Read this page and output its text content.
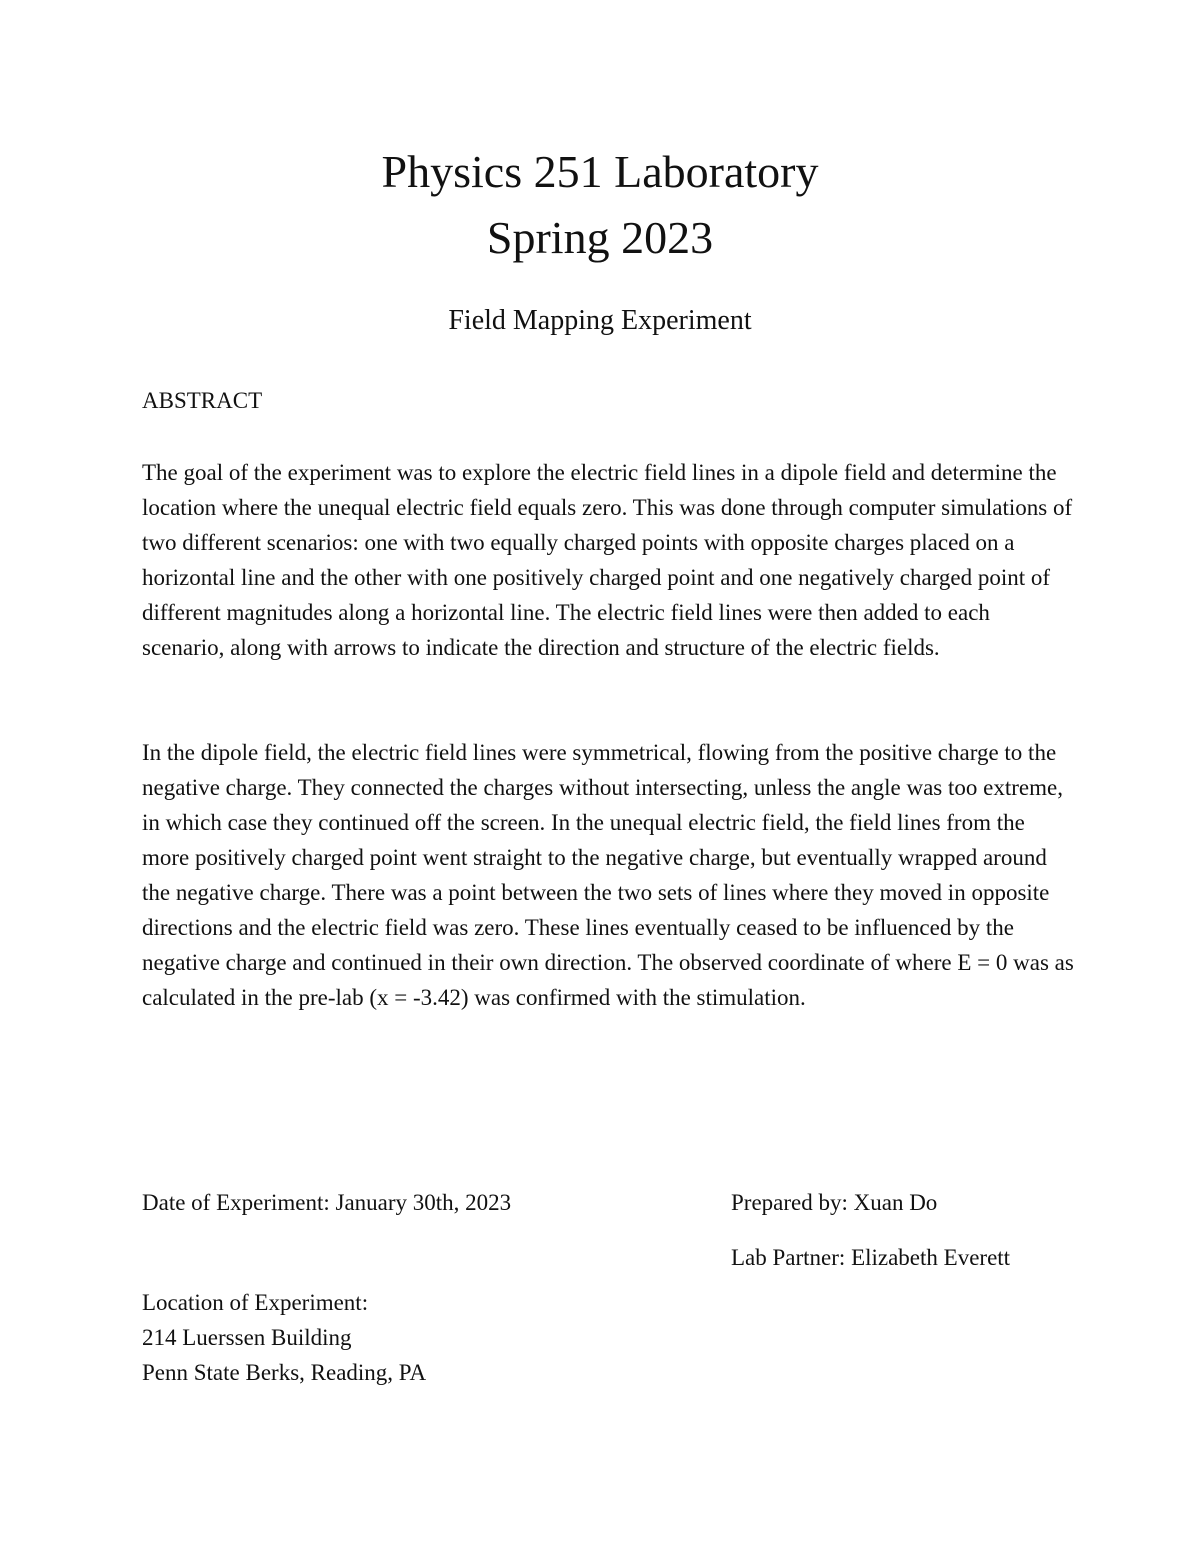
Physics 251 Laboratory
Spring 2023
Field Mapping Experiment
ABSTRACT

The goal of the experiment was to explore the electric field lines in a dipole field and determine the location where the unequal electric field equals zero. This was done through computer simulations of two different scenarios: one with two equally charged points with opposite charges placed on a horizontal line and the other with one positively charged point and one negatively charged point of different magnitudes along a horizontal line. The electric field lines were then added to each scenario, along with arrows to indicate the direction and structure of the electric fields.

In the dipole field, the electric field lines were symmetrical, flowing from the positive charge to the negative charge. They connected the charges without intersecting, unless the angle was too extreme, in which case they continued off the screen. In the unequal electric field, the field lines from the more positively charged point went straight to the negative charge, but eventually wrapped around the negative charge. There was a point between the two sets of lines where they moved in opposite directions and the electric field was zero. These lines eventually ceased to be influenced by the negative charge and continued in their own direction. The observed coordinate of where E = 0 was as calculated in the pre-lab (x = -3.42) was confirmed with the stimulation.

Date of Experiment: January 30th, 2023	Prepared by: Xuan Do
Lab Partner: Elizabeth Everett
Location of Experiment:
214 Luerssen Building
Penn State Berks, Reading, PA
